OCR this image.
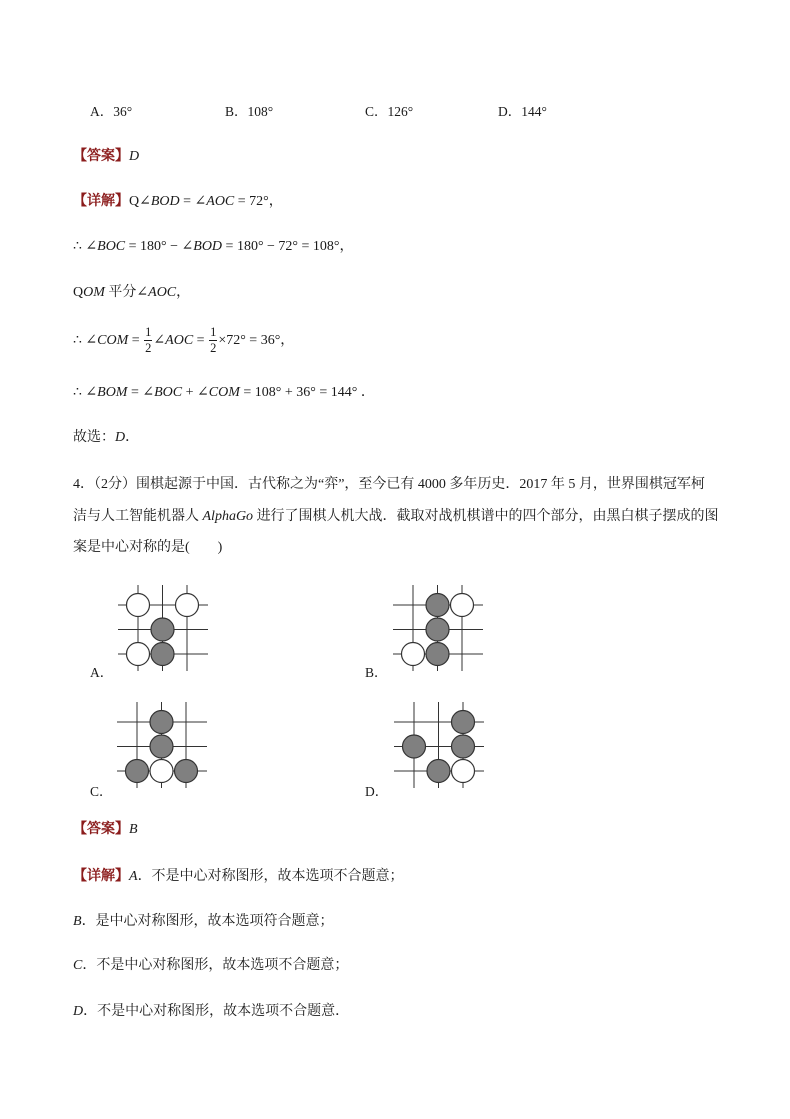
A．36°	B．108°	C．126°	D．144°
【答案】D
【详解】Q∠BOD = ∠AOC = 72°，
∴ ∠BOC = 180° − ∠BOD = 180° − 72° = 108°，
QOM 平分∠AOC，
∴ ∠COM = $\frac{1}{2}$ ∠AOC = $\frac{1}{2} \times 72^\circ = 36^\circ$，
∴ ∠BOM = ∠BOC + ∠COM = 108° + 36° = 144° ．
故选：D．
4．（2分）围棋起源于中国．古代称之为“弈”，至今已有 4000 多年历史．2017 年 5 月，世界围棋冠军柯
洁与人工智能机器人 AlphaGo 进行了围棋人机大战．截取对战机棋谱中的四个部分，由黑白棋子摆成的图
案是中心对称的是(　　)
A．	B．
C．	D．
【答案】B
【详解】A．不是中心对称图形，故本选项不合题意；
B．是中心对称图形，故本选项符合题意；
C．不是中心对称图形，故本选项不合题意；
D．不是中心对称图形，故本选项不合题意．
